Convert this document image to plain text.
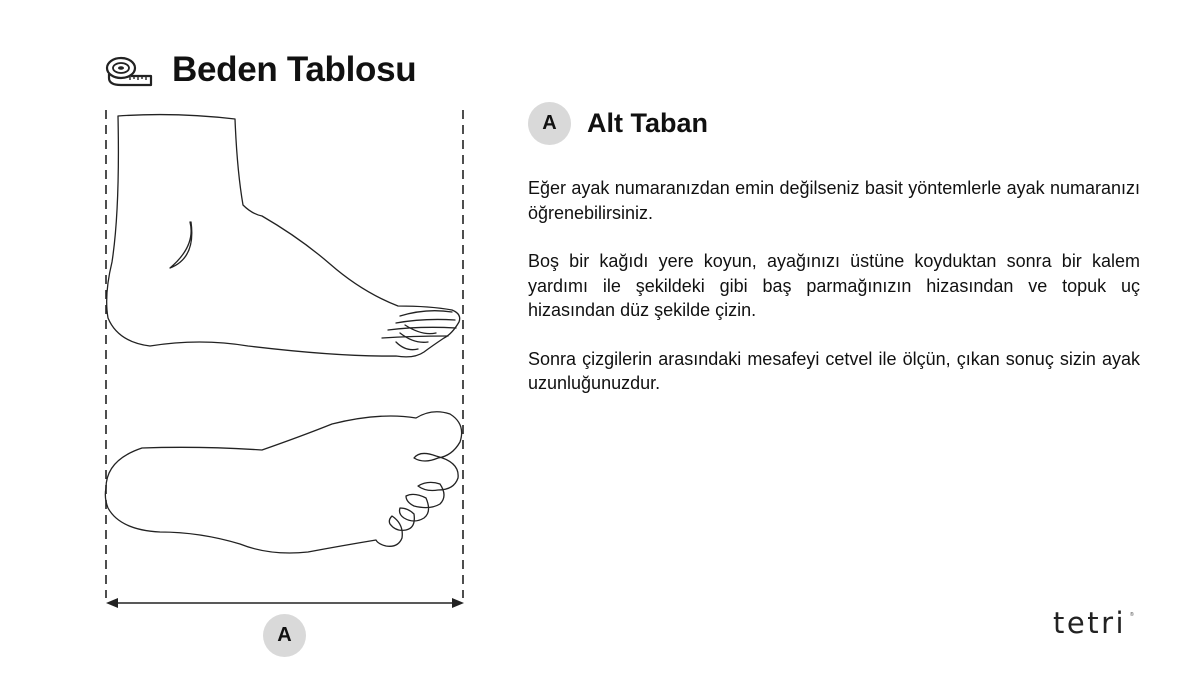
Beden Tablosu
A
A	Alt Taban

Eğer ayak numaranızdan emin değilseniz basit yöntemlerle ayak numaranızı öğrenebilirsiniz.

Boş bir kağıdı yere koyun, ayağınızı üstüne koyduktan sonra bir kalem yardımı ile şekildeki gibi baş parmağınızın hizasından ve topuk uç hizasından düz şekilde çizin.

Sonra çizgilerin arasındaki mesafeyi cetvel ile ölçün, çıkan sonuç sizin ayak uzunluğunuzdur.

tetri ®
